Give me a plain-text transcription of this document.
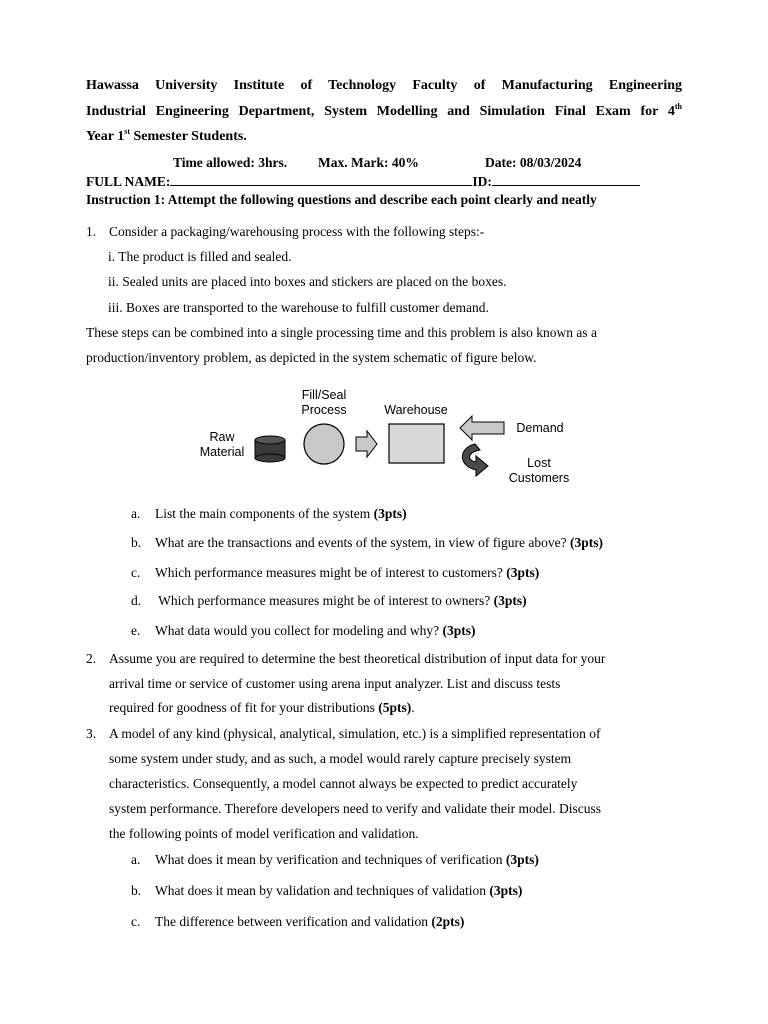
Hawassa University Institute of Technology Faculty of Manufacturing Engineering
Industrial Engineering Department, System Modelling and Simulation Final Exam for 4th
Year 1st Semester Students.
Time allowed: 3hrs. Max. Mark: 40%	Date: 08/03/2024
FULL NAME:	ID:
Instruction 1: Attempt the following questions and describe each point clearly and neatly
1. Consider a packaging/warehousing process with the following steps:-
i. The product is filled and sealed.
ii. Sealed units are placed into boxes and stickers are placed on the boxes.
iii. Boxes are transported to the warehouse to fulfill customer demand.
These steps can be combined into a single processing time and this problem is also known as a
production/inventory problem, as depicted in the system schematic of figure below.
Raw
Material
Fill/Seal
Process	Warehouse
Demand
Lost
Customers
a. List the main components of the system (3pts)
b. What are the transactions and events of the system, in view of figure above? (3pts)
c. Which performance measures might be of interest to customers? (3pts)
d. Which performance measures might be of interest to owners? (3pts)
e. What data would you collect for modeling and why? (3pts)
2. Assume you are required to determine the best theoretical distribution of input data for your
arrival time or service of customer using arena input analyzer. List and discuss tests
required for goodness of fit for your distributions (5pts).
3. A model of any kind (physical, analytical, simulation, etc.) is a simplified representation of
some system under study, and as such, a model would rarely capture precisely system
characteristics. Consequently, a model cannot always be expected to predict accurately
system performance. Therefore developers need to verify and validate their model. Discuss
the following points of model verification and validation.
a. What does it mean by verification and techniques of verification (3pts)
b. What does it mean by validation and techniques of validation (3pts)
c. The difference between verification and validation (2pts)
